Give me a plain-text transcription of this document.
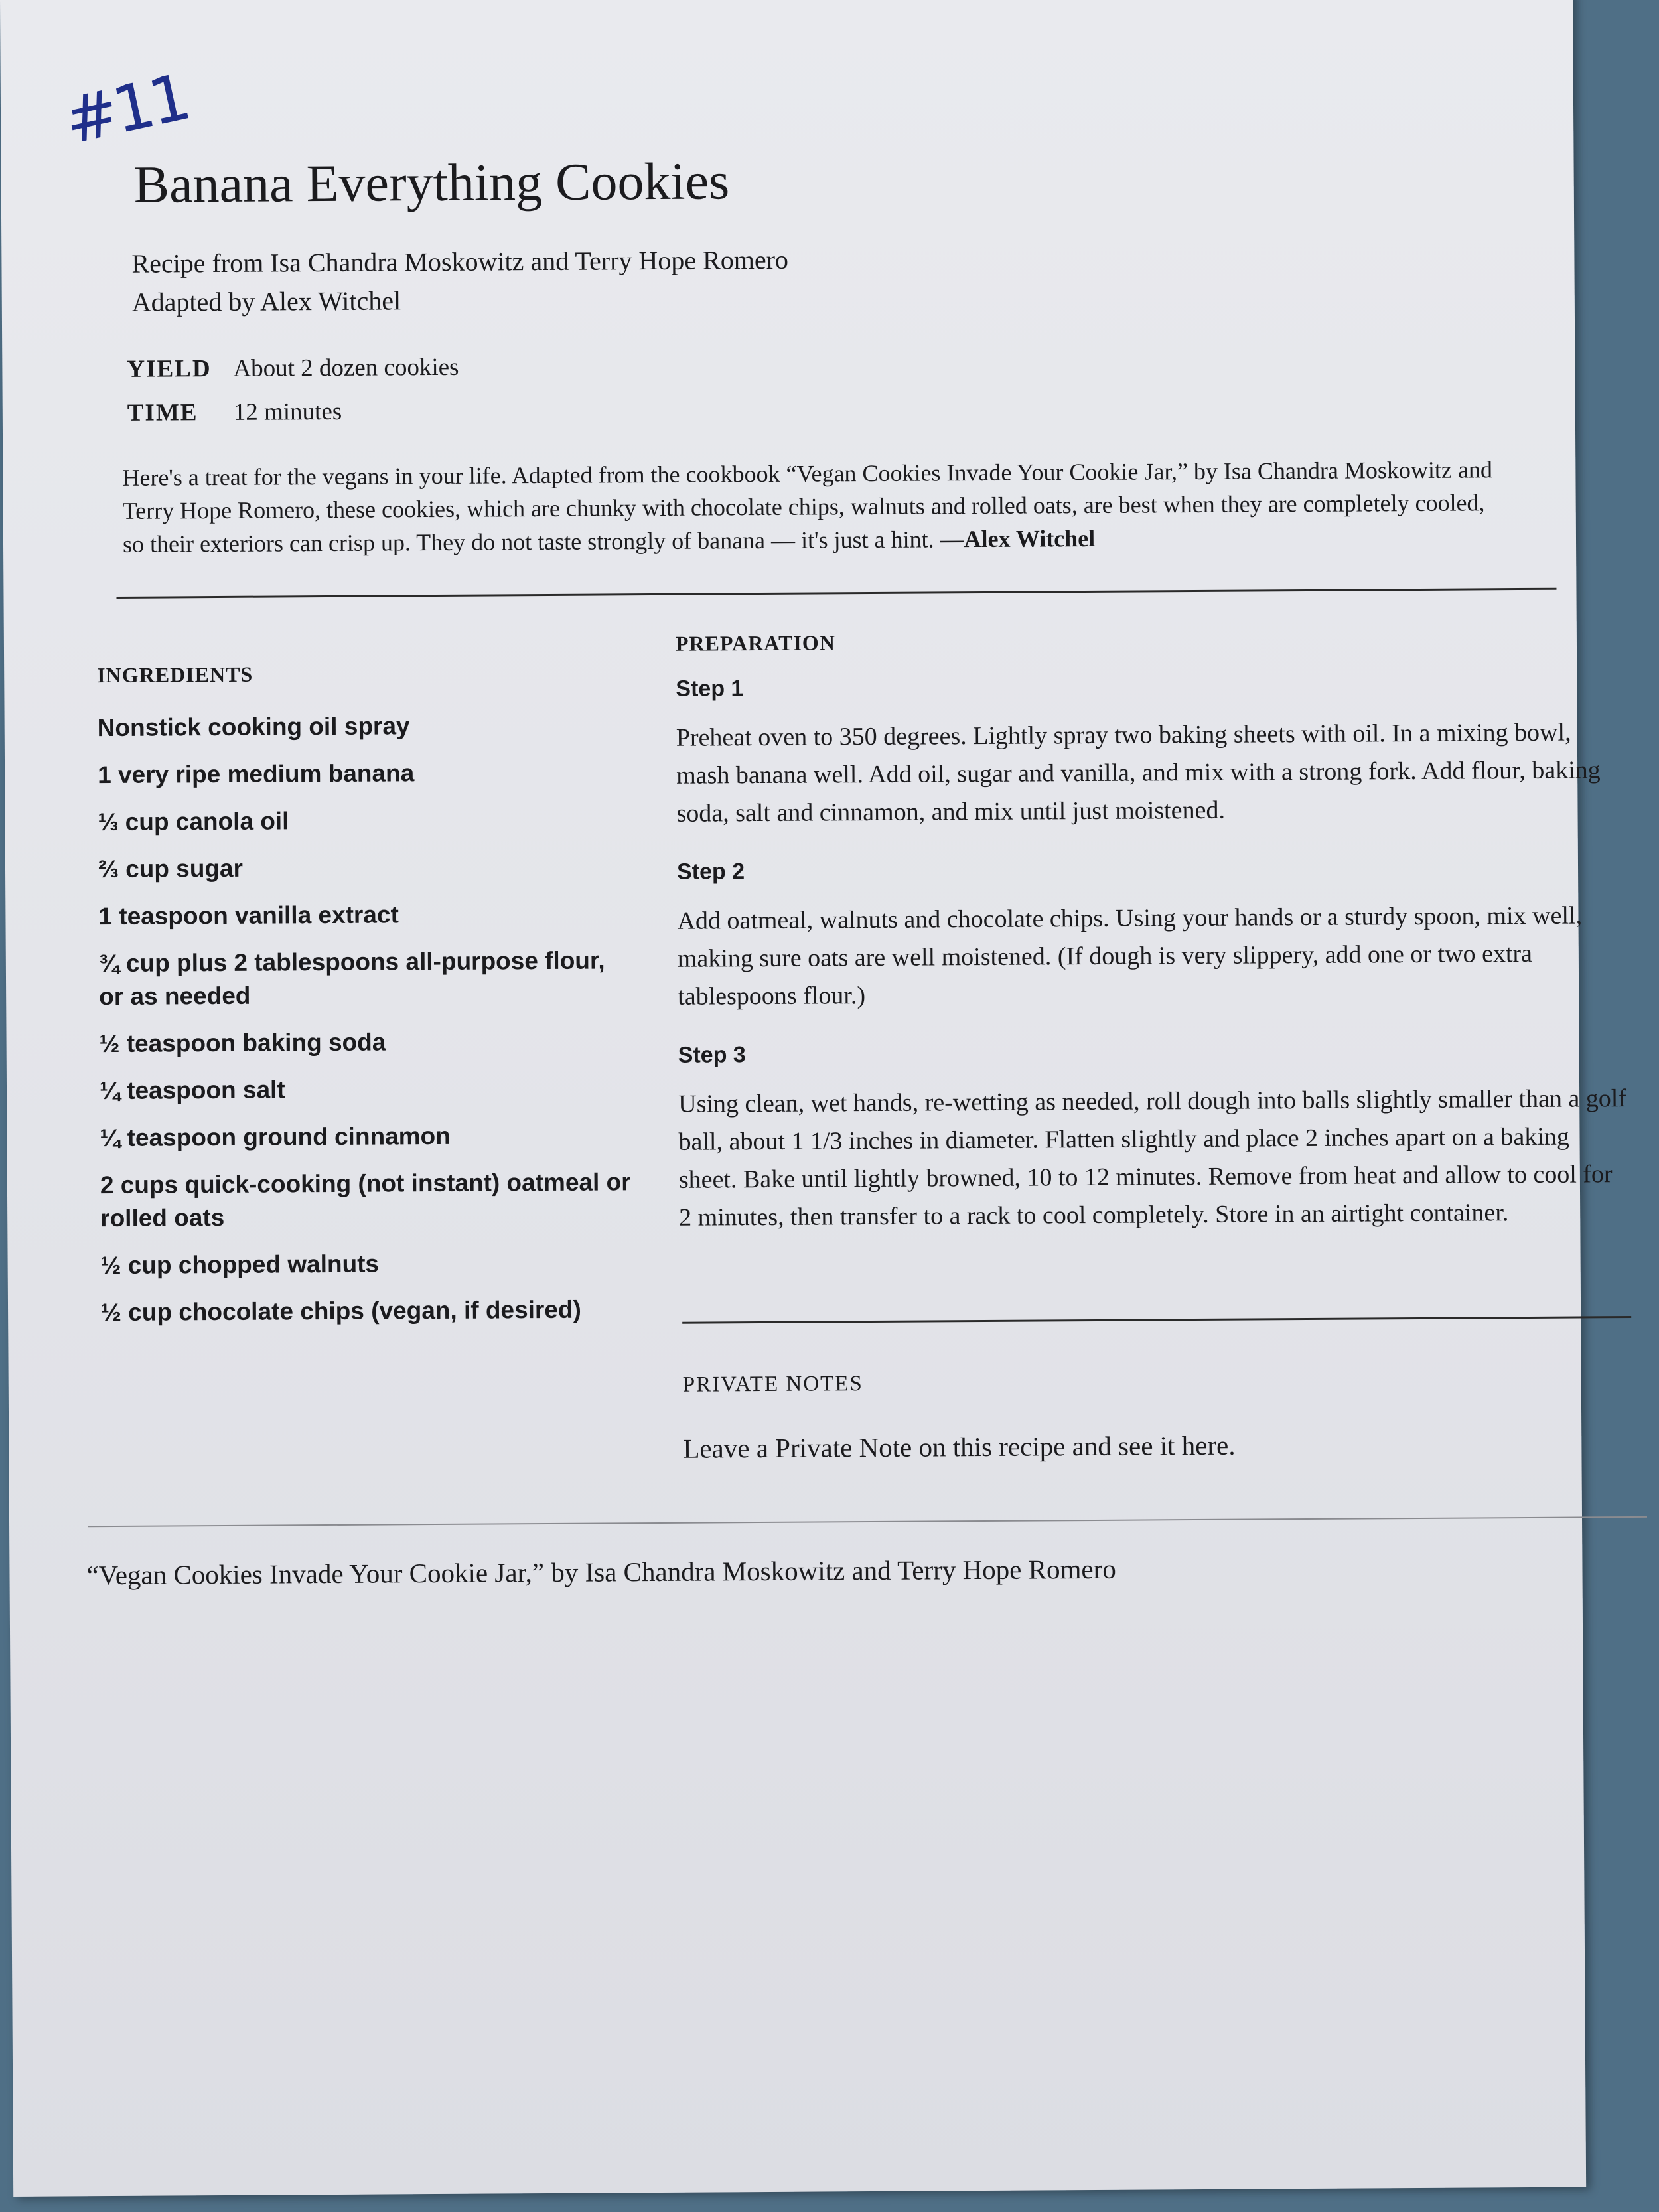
#11
Banana Everything Cookies
Recipe from Isa Chandra Moskowitz and Terry Hope Romero
Adapted by Alex Witchel
YIELD About 2 dozen cookies
TIME	12 minutes

Here's a treat for the vegans in your life. Adapted from the cookbook “Vegan Cookies Invade Your Cookie Jar,” by Isa Chandra Moskowitz and Terry Hope Romero, these cookies, which are chunky with chocolate chips, walnuts and rolled oats, are best when they are completely cooled, so their exteriors can crisp up. They do not taste strongly of banana — it's just a hint. —Alex Witchel

INGREDIENTS
Nonstick cooking oil spray
1 very ripe medium banana
⅓ cup canola oil
⅔ cup sugar
1 teaspoon vanilla extract
¾ cup plus 2 tablespoons all-purpose flour, or as needed
½ teaspoon baking soda
¼ teaspoon salt
¼ teaspoon ground cinnamon
2 cups quick-cooking (not instant) oatmeal or rolled oats
½ cup chopped walnuts
½ cup chocolate chips (vegan, if desired)
PREPARATION
Step 1

Preheat oven to 350 degrees. Lightly spray two baking sheets with oil. In a mixing bowl, mash banana well. Add oil, sugar and vanilla, and mix with a strong fork. Add flour, baking soda, salt and cinnamon, and mix until just moistened.

Step 2

Add oatmeal, walnuts and chocolate chips. Using your hands or a sturdy spoon, mix well, making sure oats are well moistened. (If dough is very slippery, add one or two extra tablespoons flour.)

Step 3

Using clean, wet hands, re-wetting as needed, roll dough into balls slightly smaller than a golf ball, about 1 1/3 inches in diameter. Flatten slightly and place 2 inches apart on a baking sheet. Bake until lightly browned, 10 to 12 minutes. Remove from heat and allow to cool for 2 minutes, then transfer to a rack to cool completely. Store in an airtight container.

PRIVATE NOTES
Leave a Private Note on this recipe and see it here.
“Vegan Cookies Invade Your Cookie Jar,” by Isa Chandra Moskowitz and Terry Hope Romero
